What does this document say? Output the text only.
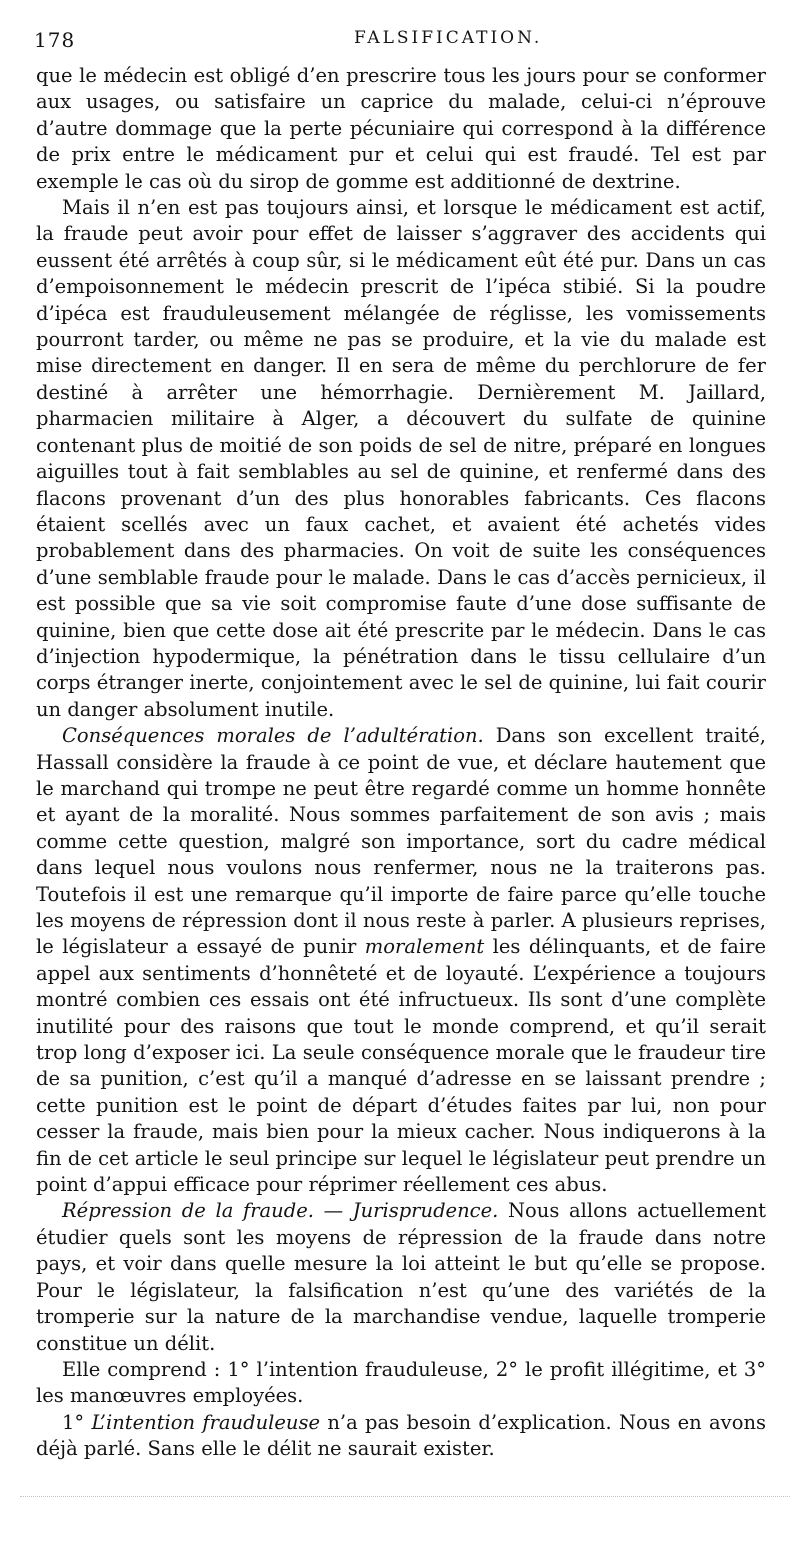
178	FALSIFICATION.

que le médecin est obligé d’en prescrire tous les jours pour se conformer aux usages, ou satisfaire un caprice du malade, celui-ci n’éprouve d’autre dommage que la perte pécuniaire qui correspond à la différence de prix entre le médicament pur et celui qui est fraudé. Tel est par exemple le cas où du sirop de gomme est additionné de dextrine.

Mais il n’en est pas toujours ainsi, et lorsque le médicament est actif, la fraude peut avoir pour effet de laisser s’aggraver des accidents qui eussent été arrêtés à coup sûr, si le médicament eût été pur. Dans un cas d’empoisonnement le médecin prescrit de l’ipéca stibié. Si la poudre d’ipéca est frauduleusement mélangée de réglisse, les vomissements pourront tarder, ou même ne pas se produire, et la vie du malade est mise directement en danger. Il en sera de même du perchlorure de fer destiné à arrêter une hémorrhagie. Dernièrement M. Jaillard, pharmacien militaire à Alger, a découvert du sulfate de quinine contenant plus de moitié de son poids de sel de nitre, préparé en longues aiguilles tout à fait semblables au sel de quinine, et renfermé dans des flacons provenant d’un des plus honorables fabricants. Ces flacons étaient scellés avec un faux cachet, et avaient été achetés vides probablement dans des pharmacies. On voit de suite les conséquences d’une semblable fraude pour le malade. Dans le cas d’accès pernicieux, il est possible que sa vie soit compromise faute d’une dose suffisante de quinine, bien que cette dose ait été prescrite par le médecin. Dans le cas d’injection hypodermique, la pénétration dans le tissu cellulaire d’un corps étranger inerte, conjointement avec le sel de quinine, lui fait courir un danger absolument inutile.

Conséquences morales de l’adultération. Dans son excellent traité, Hassall considère la fraude à ce point de vue, et déclare hautement que le marchand qui trompe ne peut être regardé comme un homme honnête et ayant de la moralité. Nous sommes parfaitement de son avis ; mais comme cette question, malgré son importance, sort du cadre médical dans lequel nous voulons nous renfermer, nous ne la traiterons pas. Toutefois il est une remarque qu’il importe de faire parce qu’elle touche les moyens de répression dont il nous reste à parler. A plusieurs reprises, le législateur a essayé de punir moralement les délinquants, et de faire appel aux sentiments d’honnêteté et de loyauté. L’expérience a toujours montré combien ces essais ont été infructueux. Ils sont d’une complète inutilité pour des raisons que tout le monde comprend, et qu’il serait trop long d’exposer ici. La seule conséquence morale que le fraudeur tire de sa punition, c’est qu’il a manqué d’adresse en se laissant prendre ; cette punition est le point de départ d’études faites par lui, non pour cesser la fraude, mais bien pour la mieux cacher. Nous indiquerons à la fin de cet article le seul principe sur lequel le législateur peut prendre un point d’appui efficace pour réprimer réellement ces abus.

Répression de la fraude. — Jurisprudence. Nous allons actuellement étudier quels sont les moyens de répression de la fraude dans notre pays, et voir dans quelle mesure la loi atteint le but qu’elle se propose. Pour le législateur, la falsification n’est qu’une des variétés de la tromperie sur la nature de la marchandise vendue, laquelle tromperie constitue un délit.

Elle comprend : 1° l’intention frauduleuse, 2° le profit illégitime, et 3° les manœuvres employées.

1° L’intention frauduleuse n’a pas besoin d’explication. Nous en avons déjà parlé. Sans elle le délit ne saurait exister.
